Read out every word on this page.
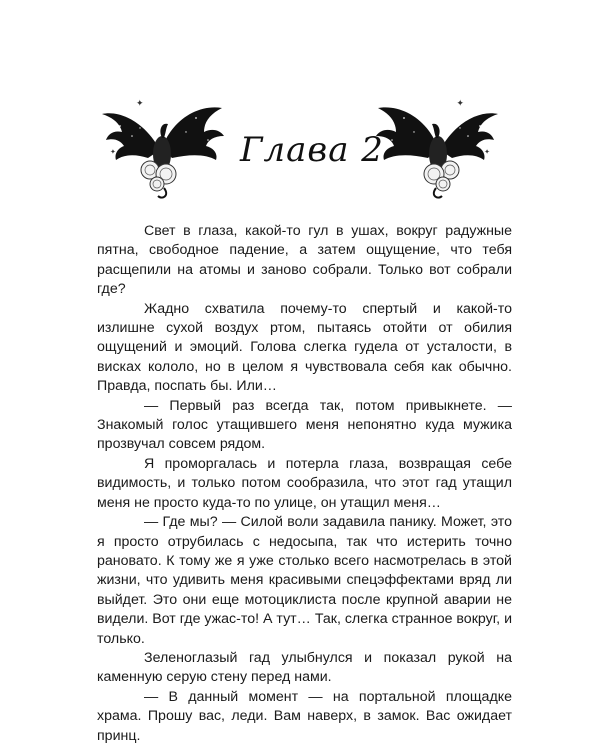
✦
✦	Глава 2
✦
✦

Свет в глаза, какой-то гул в ушах, вокруг радужные пятна, свободное падение, а затем ощущение, что тебя расщепили на атомы и заново собрали. Только вот собрали где?

Жадно схватила почему-то спертый и какой-то излишне сухой воздух ртом, пытаясь отойти от обилия ощущений и эмоций. Голова слегка гудела от усталости, в висках кололо, но в целом я чувствовала себя как обычно. Правда, поспать бы. Или…

— Первый раз всегда так, потом привыкнете. — Знакомый голос утащившего меня непонятно куда мужика прозвучал совсем рядом.

Я проморгалась и потерла глаза, возвращая себе видимость, и только потом сообразила, что этот гад утащил меня не просто куда-то по улице, он утащил меня…

— Где мы? — Силой воли задавила панику. Может, это я просто отрубилась с недосыпа, так что истерить точно рановато. К тому же я уже столько всего насмотрелась в этой жизни, что удивить меня красивыми спецэффектами вряд ли выйдет. Это они еще мотоциклиста после крупной аварии не видели. Вот где ужас-то! А тут… Так, слегка странное вокруг, и только.

Зеленоглазый гад улыбнулся и показал рукой на каменную серую стену перед нами.

— В данный момент — на портальной площадке храма. Прошу вас, леди. Вам наверх, в замок. Вас ожидает принц.
